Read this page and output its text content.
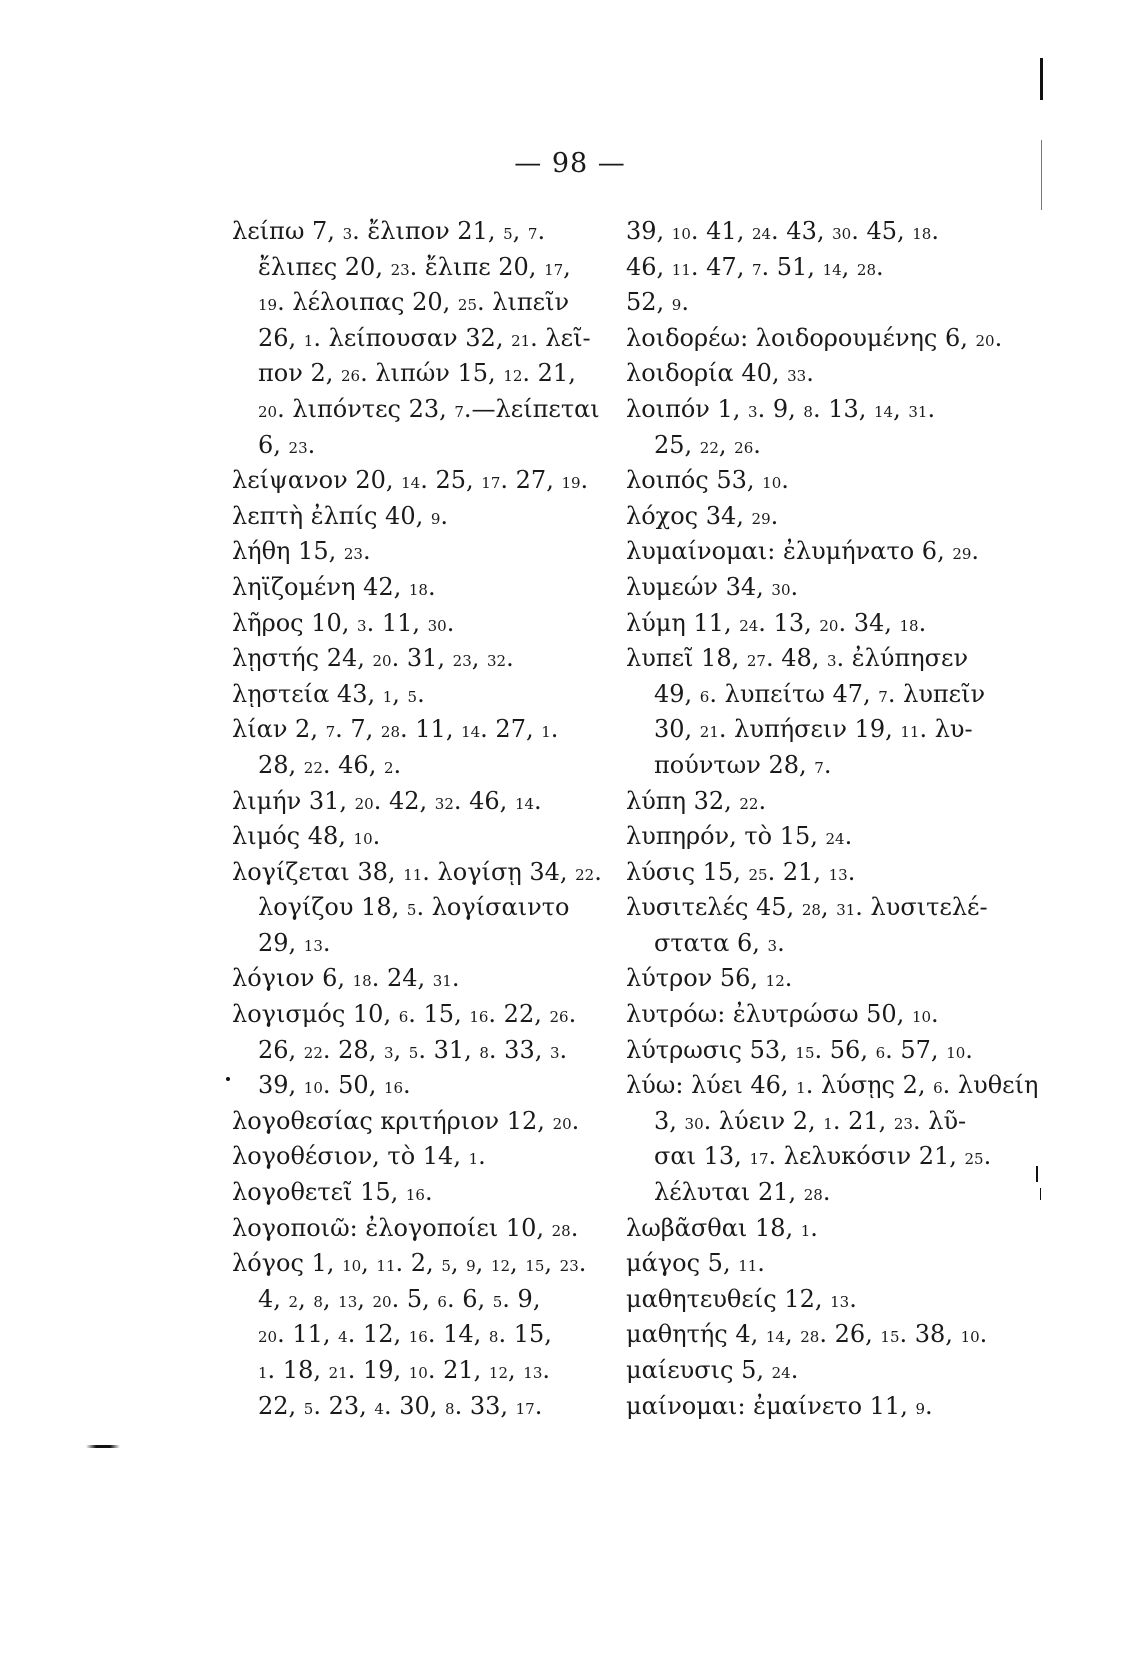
— 98 —
λείπω 7, 3. ἔλιπον 21, 5, 7.
ἔλιπες 20, 23. ἔλιπε 20, 17,
19. λέλοιπας 20, 25. λιπεῖν
26, 1. λείπουσαν 32, 21. λεῖ-
πον 2, 26. λιπών 15, 12. 21,
20. λιπόντες 23, 7.—λείπεται
6, 23.
λείψανον 20, 14. 25, 17. 27, 19.
λεπτὴ ἐλπίς 40, 9.
λήθη 15, 23.
ληϊζομένη 42, 18.
λῆρος 10, 3. 11, 30.
λῃστής 24, 20. 31, 23, 32.
λῃστεία 43, 1, 5.
λίαν 2, 7. 7, 28. 11, 14. 27, 1.
28, 22. 46, 2.
λιμήν 31, 20. 42, 32. 46, 14.
λιμός 48, 10.
λογίζεται 38, 11. λογίσῃ 34, 22.
λογίζου 18, 5. λογίσαιντο
29, 13.
λόγιον 6, 18. 24, 31.
λογισμός 10, 6. 15, 16. 22, 26.
26, 22. 28, 3, 5. 31, 8. 33, 3.
39, 10. 50, 16.
λογοθεσίας κριτήριον 12, 20.
λογοθέσιον, τὸ 14, 1.
λογοθετεῖ 15, 16.
λογοποιῶ: ἐλογοποίει 10, 28.
λόγος 1, 10, 11. 2, 5, 9, 12, 15, 23.
4, 2, 8, 13, 20. 5, 6. 6, 5. 9,
20. 11, 4. 12, 16. 14, 8. 15,
1. 18, 21. 19, 10. 21, 12, 13.
22, 5. 23, 4. 30, 8. 33, 17.
39, 10. 41, 24. 43, 30. 45, 18.
46, 11. 47, 7. 51, 14, 28.
52, 9.
λοιδορέω: λοιδορουμένης 6, 20.
λοιδορία 40, 33.
λοιπόν 1, 3. 9, 8. 13, 14, 31.
25, 22, 26.
λοιπός 53, 10.
λόχος 34, 29.
λυμαίνομαι: ἐλυμήνατο 6, 29.
λυμεών 34, 30.
λύμη 11, 24. 13, 20. 34, 18.
λυπεῖ 18, 27. 48, 3. ἐλύπησεν
49, 6. λυπείτω 47, 7. λυπεῖν
30, 21. λυπήσειν 19, 11. λυ-
πούντων 28, 7.
λύπη 32, 22.
λυπηρόν, τὸ 15, 24.
λύσις 15, 25. 21, 13.
λυσιτελές 45, 28, 31. λυσιτελέ-
στατα 6, 3.
λύτρον 56, 12.
λυτρόω: ἐλυτρώσω 50, 10.
λύτρωσις 53, 15. 56, 6. 57, 10.
λύω: λύει 46, 1. λύσῃς 2, 6. λυθείη
3, 30. λύειν 2, 1. 21, 23. λῦ-
σαι 13, 17. λελυκόσιν 21, 25.
λέλυται 21, 28.
λωβᾶσθαι 18, 1.
μάγος 5, 11.
μαθητευθείς 12, 13.
μαθητής 4, 14, 28. 26, 15. 38, 10.
μαίευσις 5, 24.
μαίνομαι: ἐμαίνετο 11, 9.
